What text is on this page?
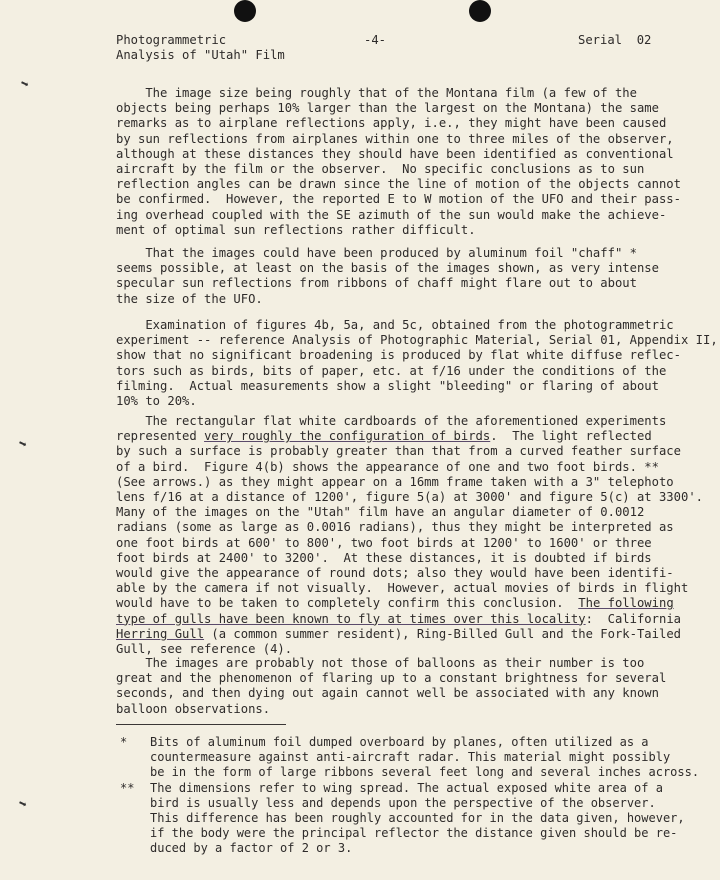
⬊
⬊
⬊
Photogrammetric
Analysis of "Utah" Film
-4-	Serial  02
The image size being roughly that of the Montana film (a few of the
objects being perhaps 10% larger than the largest on the Montana) the same
remarks as to airplane reflections apply, i.e., they might have been caused
by sun reflections from airplanes within one to three miles of the observer,
although at these distances they should have been identified as conventional
aircraft by the film or the observer.  No specific conclusions as to sun
reflection angles can be drawn since the line of motion of the objects cannot
be confirmed.  However, the reported E to W motion of the UFO and their pass-
ing overhead coupled with the SE azimuth of the sun would make the achieve-
ment of optimal sun reflections rather difficult.
That the images could have been produced by aluminum foil "chaff" *
seems possible, at least on the basis of the images shown, as very intense
specular sun reflections from ribbons of chaff might flare out to about
the size of the UFO.
Examination of figures 4b, 5a, and 5c, obtained from the photogrammetric
experiment -- reference Analysis of Photographic Material, Serial 01, Appendix II,
show that no significant broadening is produced by flat white diffuse reflec-
tors such as birds, bits of paper, etc. at f/16 under the conditions of the
filming.  Actual measurements show a slight "bleeding" or flaring of about
10% to 20%.
The rectangular flat white cardboards of the aforementioned experiments
represented very roughly the configuration of birds.  The light reflected
by such a surface is probably greater than that from a curved feather surface
of a bird.  Figure 4(b) shows the appearance of one and two foot birds. **
(See arrows.) as they might appear on a 16mm frame taken with a 3" telephoto
lens f/16 at a distance of 1200', figure 5(a) at 3000' and figure 5(c) at 3300'.
Many of the images on the "Utah" film have an angular diameter of 0.0012
radians (some as large as 0.0016 radians), thus they might be interpreted as
one foot birds at 600' to 800', two foot birds at 1200' to 1600' or three
foot birds at 2400' to 3200'.  At these distances, it is doubted if birds
would give the appearance of round dots; also they would have been identifi-
able by the camera if not visually.  However, actual movies of birds in flight
would have to be taken to completely confirm this conclusion.  The following
type of gulls have been known to fly at times over this locality:  California
Herring Gull (a common summer resident), Ring-Billed Gull and the Fork-Tailed
Gull, see reference (4).
The images are probably not those of balloons as their number is too
great and the phenomenon of flaring up to a constant brightness for several
seconds, and then dying out again cannot well be associated with any known
balloon observations.
* Bits of aluminum foil dumped overboard by planes, often utilized as a
countermeasure against anti-aircraft radar. This material might possibly
be in the form of large ribbons several feet long and several inches across.
** The dimensions refer to wing spread. The actual exposed white area of a
bird is usually less and depends upon the perspective of the observer.
This difference has been roughly accounted for in the data given, however,
if the body were the principal reflector the distance given should be re-
duced by a factor of 2 or 3.
